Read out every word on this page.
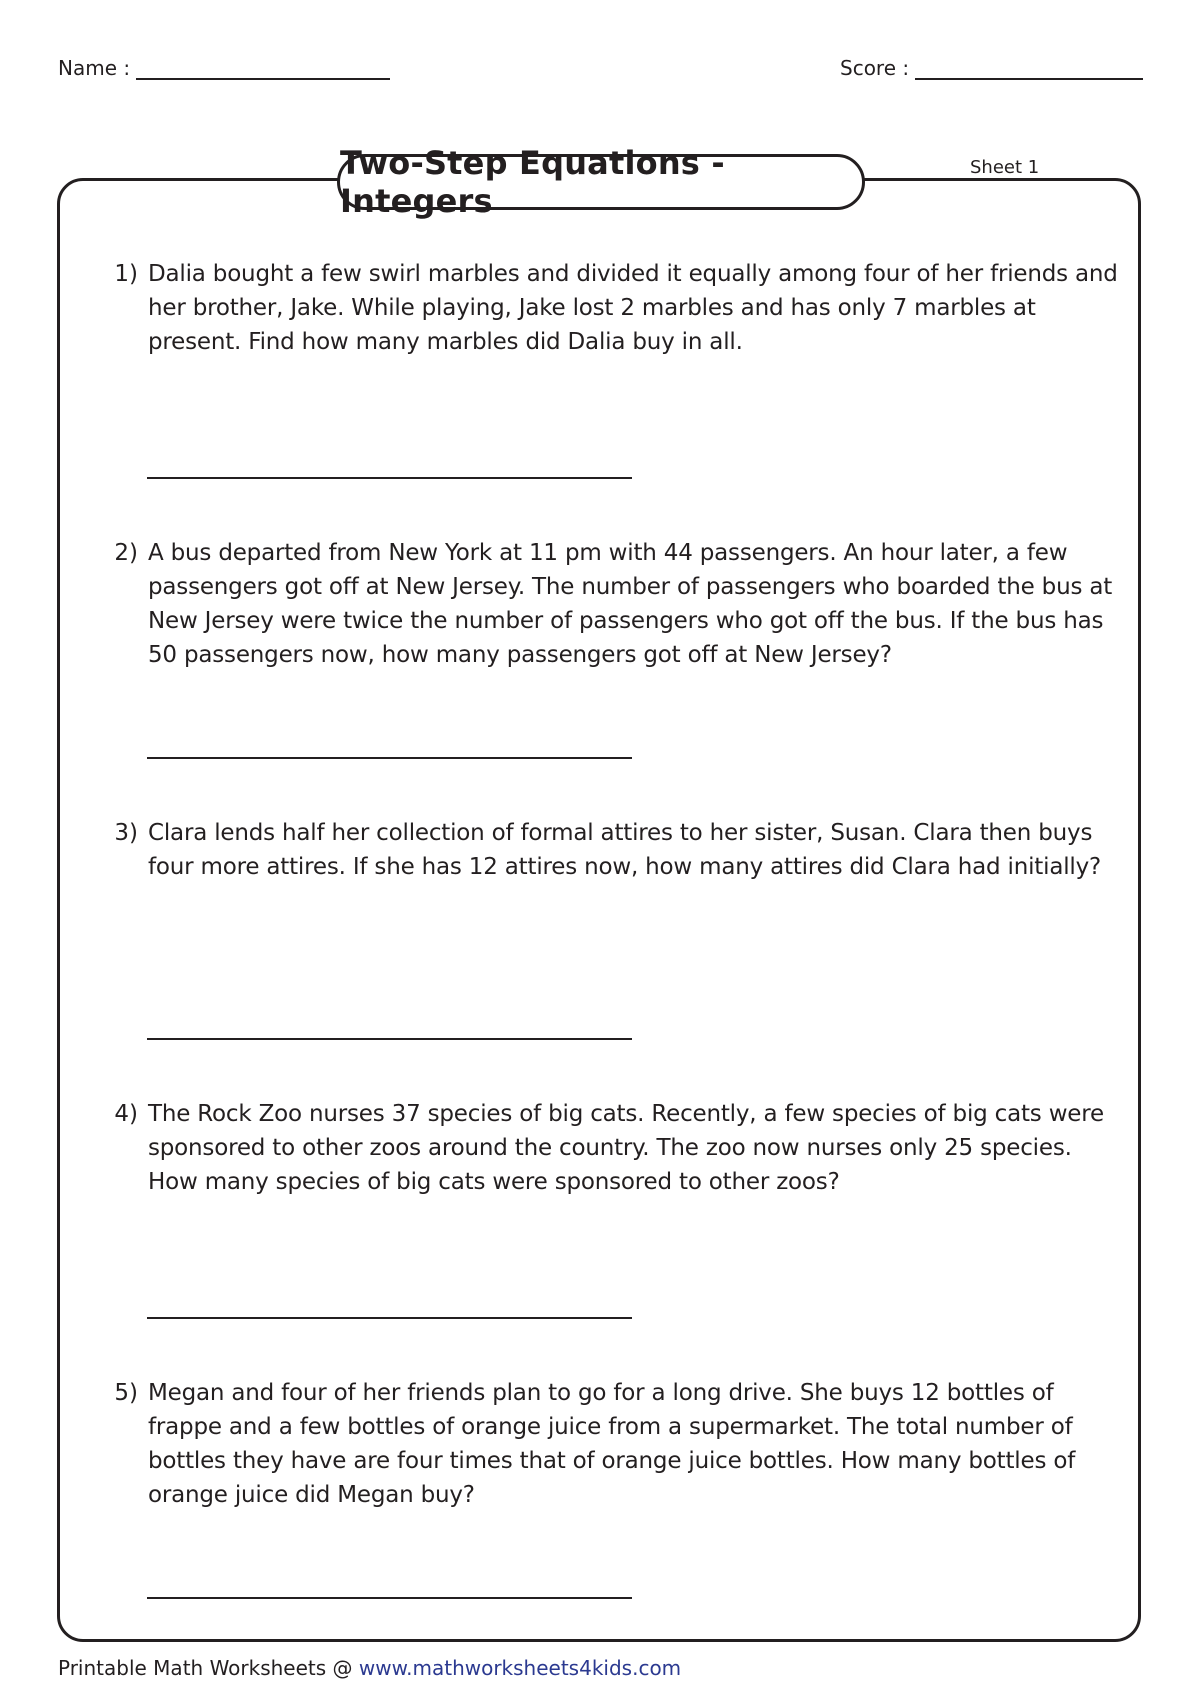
Name :	Score :
Two-Step Equations - Integers
Sheet 1
1) Dalia bought a few swirl marbles and divided it equally among four of her friends and her brother, Jake. While playing, Jake lost 2 marbles and has only 7 marbles at present. Find how many marbles did Dalia buy in all.
2) A bus departed from New York at 11 pm with 44 passengers. An hour later, a few passengers got off at New Jersey. The number of passengers who boarded the bus at New Jersey were twice the number of passengers who got off the bus. If the bus has 50 passengers now, how many passengers got off at New Jersey?
3) Clara lends half her collection of formal attires to her sister, Susan. Clara then buys four more attires. If she has 12 attires now, how many attires did Clara had initially?
4) The Rock Zoo nurses 37 species of big cats. Recently, a few species of big cats were sponsored to other zoos around the country. The zoo now nurses only 25 species. How many species of big cats were sponsored to other zoos?
5) Megan and four of her friends plan to go for a long drive. She buys 12 bottles of frappe and a few bottles of orange juice from a supermarket. The total number of bottles they have are four times that of orange juice bottles. How many bottles of orange juice did Megan buy?
Printable Math Worksheets @ www.mathworksheets4kids.com
